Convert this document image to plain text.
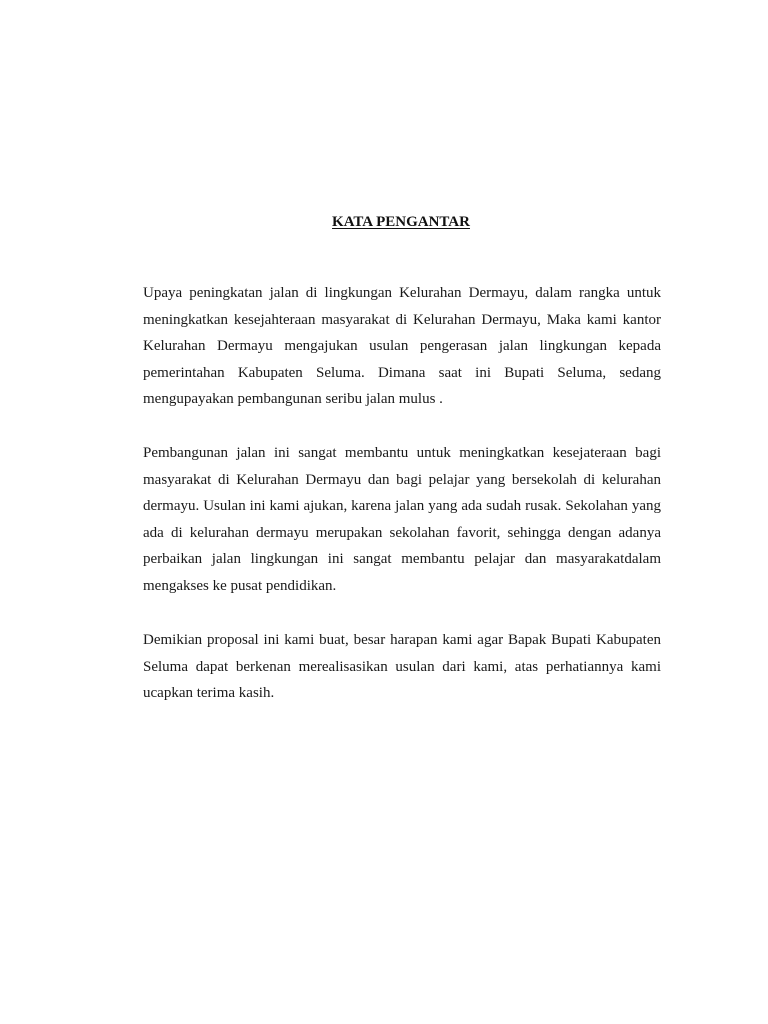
KATA PENGANTAR

Upaya peningkatan jalan di lingkungan Kelurahan Dermayu, dalam rangka untuk meningkatkan kesejahteraan masyarakat di Kelurahan Dermayu, Maka kami kantor Kelurahan Dermayu mengajukan usulan pengerasan jalan lingkungan kepada pemerintahan Kabupaten Seluma. Dimana saat ini Bupati Seluma, sedang mengupayakan pembangunan seribu jalan mulus .

Pembangunan jalan ini sangat membantu untuk meningkatkan kesejateraan bagi masyarakat di Kelurahan Dermayu dan bagi pelajar yang bersekolah di kelurahan dermayu. Usulan ini kami ajukan, karena jalan yang ada sudah rusak. Sekolahan yang ada di kelurahan dermayu merupakan sekolahan favorit, sehingga dengan adanya perbaikan jalan lingkungan ini sangat membantu pelajar dan masyarakatdalam mengakses ke pusat pendidikan.

Demikian proposal ini kami buat, besar harapan kami agar Bapak Bupati Kabupaten Seluma dapat berkenan merealisasikan usulan dari kami, atas perhatiannya kami ucapkan terima kasih.
